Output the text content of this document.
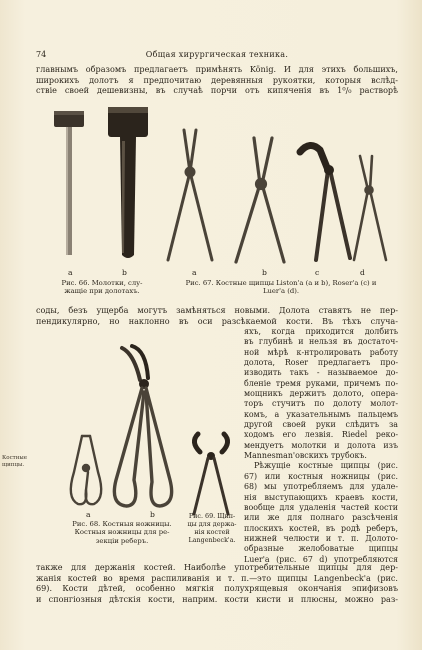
74	Общая хирургическая техника.
главнымъ образомъ предлагаетъ примѣнять König. И для этихъ большихъ,
широкихъ долотъ я предпочитаю деревянныя рукоятки, которыя вслѣд-
ствіе своей дешевизны, въ случаѣ порчи отъ кипяченія въ 1⁰/₀ растворѣ
a	b
Рис. 66. Молотки, слу-
жащіе при долотахъ.
a	b	c	d
Рис. 67. Костные щипцы Liston'а (a и b), Roser'а (c) и
Luer'а (d).
соды, безъ ущерба могутъ замѣняться новыми. Долота ставятъ не пер-
пендикулярно, но наклонно въ оси разсѣкаемой кости. Въ тѣхъ случа-
яхъ, когда приходится долбить
въ глубинѣ и нельзя въ достаточ-
ной мѣрѣ к-нтролировать работу
долота, Roser предлагаетъ про-
изводить такъ - называемое до-
бленіе тремя руками, причемъ по-
мощникъ держитъ долото, опера-
торъ стучитъ по долоту молот-
комъ, а указательнымъ пальцемъ
другой своей руки слѣдитъ за
ходомъ его лезвія. Riedel реко-
мендуетъ молотки и долота изъ
Mannesman'овскихъ трубокъ.
Рѣжущіе костные щипцы (рис.
67) или костныя ножницы (рис.
68) мы употребляемъ для удале-
нія выступающихъ краевъ кости,
вообще для удаленія частей кости
или же для полнаго разсѣченія
плоскихъ костей, въ родѣ реберъ,
нижней челюсти и т. п. Долото-
образные желобоватые щипцы
Luer'а (рис. 67 d) употребляются
Костные щипцы.
a	b
Рис. 68. Костныя ножницы.
Костныя ножницы для ре-
зекціи реберъ.
Рис. 69. Щип-
цы для держа-
нія костей
Langenbeck'а.
также для держанія костей. Наиболѣе употребительные щипцы для дер-
жанія костей во время распиливанія и т. п.—это щипцы Langenbeck'а (рис.
69). Кости дѣтей, особенно мягкія полухрящевыя окончанія эпифизовъ
и спонгіозныя дѣтскія кости, наприм. кости кисти и плюсны, можно раз-
